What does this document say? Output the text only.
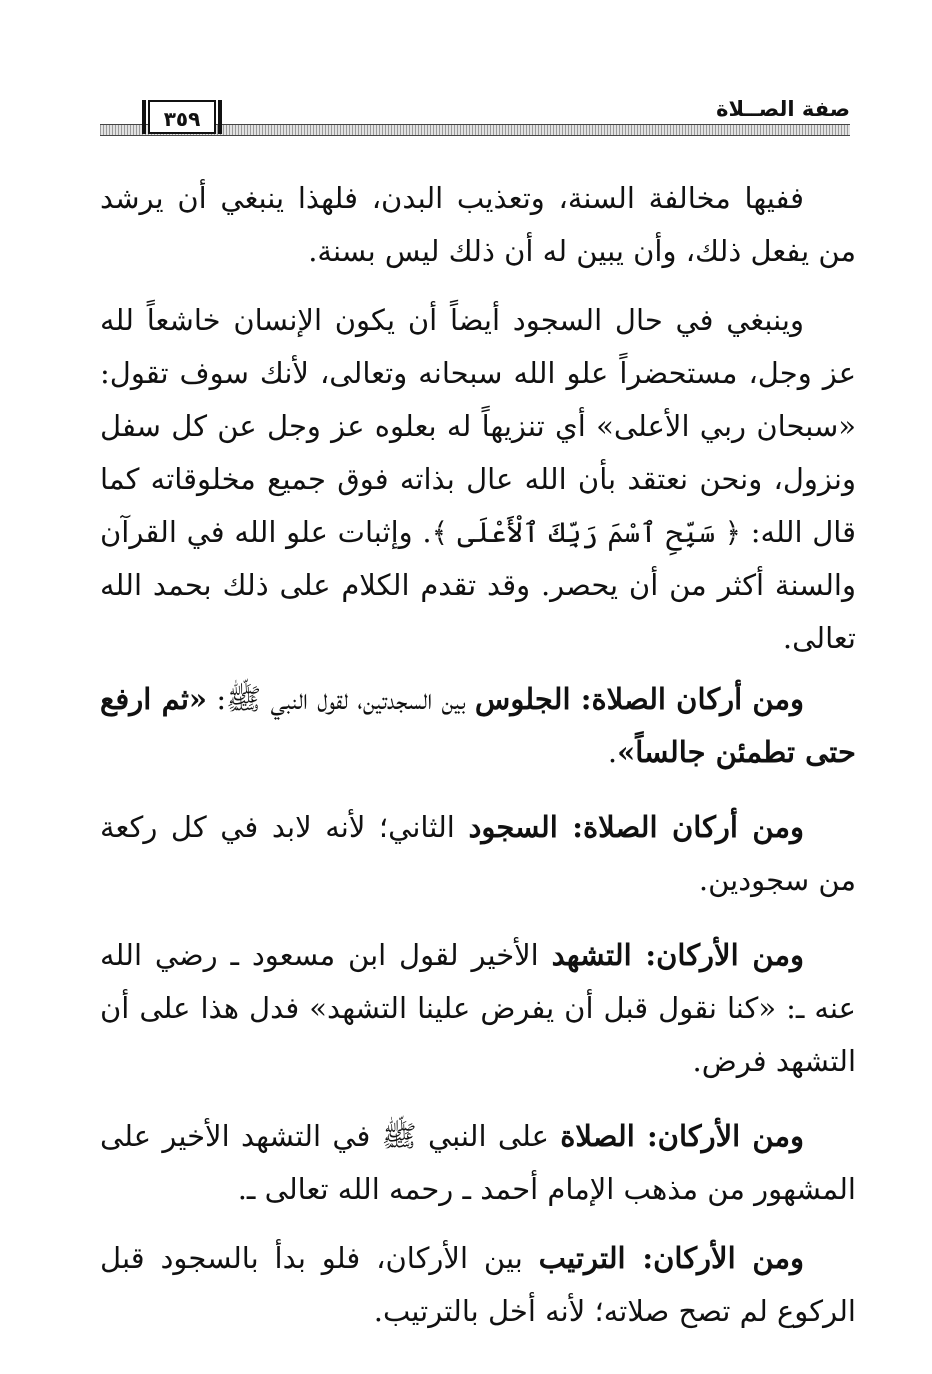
صفة الصــلاة
٣٥٩

ففيها مخالفة السنة، وتعذيب البدن، فلهذا ينبغي أن يرشد من يفعل ذلك، وأن يبين له أن ذلك ليس بسنة.

وينبغي في حال السجود أيضاً أن يكون الإنسان خاشعاً لله عز وجل، مستحضراً علو الله سبحانه وتعالى، لأنك سوف تقول: «سبحان ربي الأعلى» أي تنزيهاً له بعلوه عز وجل عن كل سفل ونزول، ونحن نعتقد بأن الله عال بذاته فوق جميع مخلوقاته كما قال الله: ﴿ سَبِّحِ ٱسْمَ رَبِّكَ ٱلْأَعْلَى ﴾. وإثبات علو الله في القرآن والسنة أكثر من أن يحصر. وقد تقدم الكلام على ذلك بحمد الله تعالى.

ومن أركان الصلاة: الجلوس بين السجدتين، لقول النبي ﷺ: «ثم ارفع حتى تطمئن جالساً».

ومن أركان الصلاة: السجود الثاني؛ لأنه لابد في كل ركعة من سجودين.

ومن الأركان: التشهد الأخير لقول ابن مسعود ـ رضي الله عنه ـ: «كنا نقول قبل أن يفرض علينا التشهد» فدل هذا على أن التشهد فرض.

ومن الأركان: الصلاة على النبي ﷺ في التشهد الأخير على المشهور من مذهب الإمام أحمد ـ رحمه الله تعالى ـ.

ومن الأركان: الترتيب بين الأركان، فلو بدأ بالسجود قبل الركوع لم تصح صلاته؛ لأنه أخل بالترتيب.
